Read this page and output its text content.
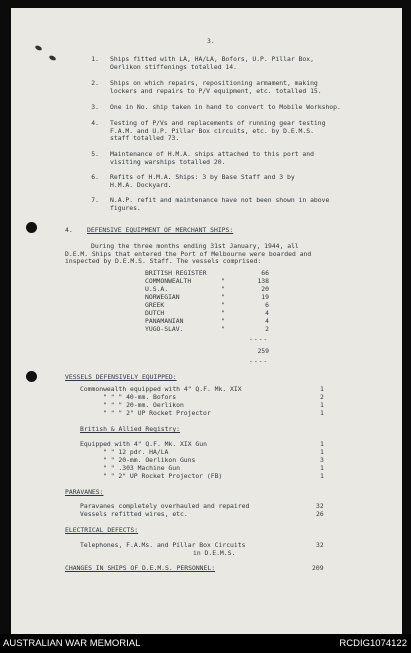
3.
1. Ships fitted with LA, HA/LA, Bofors, U.P. Pillar Box,
Oerlikon stiffenings totalled 14.
2. Ships on which repairs, repositioning armament, making
lockers and repairs to P/V equipment, etc. totalled 15.
3. One in No. ship taken in hand to convert to Mobile Workshop.
4. Testing of P/Vs and replacements of running gear testing
F.A.M. and U.P. Pillar Box circuits, etc. by D.E.M.S.
staff totalled 73.
5. Maintenance of H.M.A. ships attached to this port and
visiting warships totalled 20.
6. Refits of H.M.A. Ships: 3 by Base Staff and 3 by
H.M.A. Dockyard.
7. N.A.P. refit and maintenance have not been shown in above
figures.
4. DEFENSIVE EQUIPMENT OF MERCHANT SHIPS:
During the three months ending 31st January, 1944, all
D.E.M. Ships that entered the Port of Melbourne were boarded and
inspected by D.E.M.S. Staff. The vessels comprised:
BRITISH REGISTER	66
COMMONWEALTH	"	138
U.S.A.	"	20
NORWEGIAN	"	19
GREEK	"	6
DUTCH	"	4
PANAMANIAN	"	4
YUGO-SLAV.	"	2
----
259
----
VESSELS DEFENSIVELY EQUIPPED:
Commonwealth equipped with 4" Q.F. Mk. XIX	1
" " " 40-mm. Bofors	2
" " " 20-mm. Oerlikon	1
" " " 2" UP Rocket Projector	1
British & Allied Registry:
Equipped with 4" Q.F. Mk. XIX Gun	1
" " 12 pdr. HA/LA	1
" " 20-mm. Oerlikon Guns	3
" " .303 Machine Gun	1
" " 2" UP Rocket Projector (FB)	1
PARAVANES:
Paravanes completely overhauled and repaired	32
Vessels refitted wires, etc.	26
ELECTRICAL DEFECTS:
Telephones, F.A.Ms. and Pillar Box Circuits	32
in D.E.M.S.
CHANGES IN SHIPS OF D.E.M.S. PERSONNEL:	209
AUSTRALIAN WAR MEMORIAL	RCDIG1074122
